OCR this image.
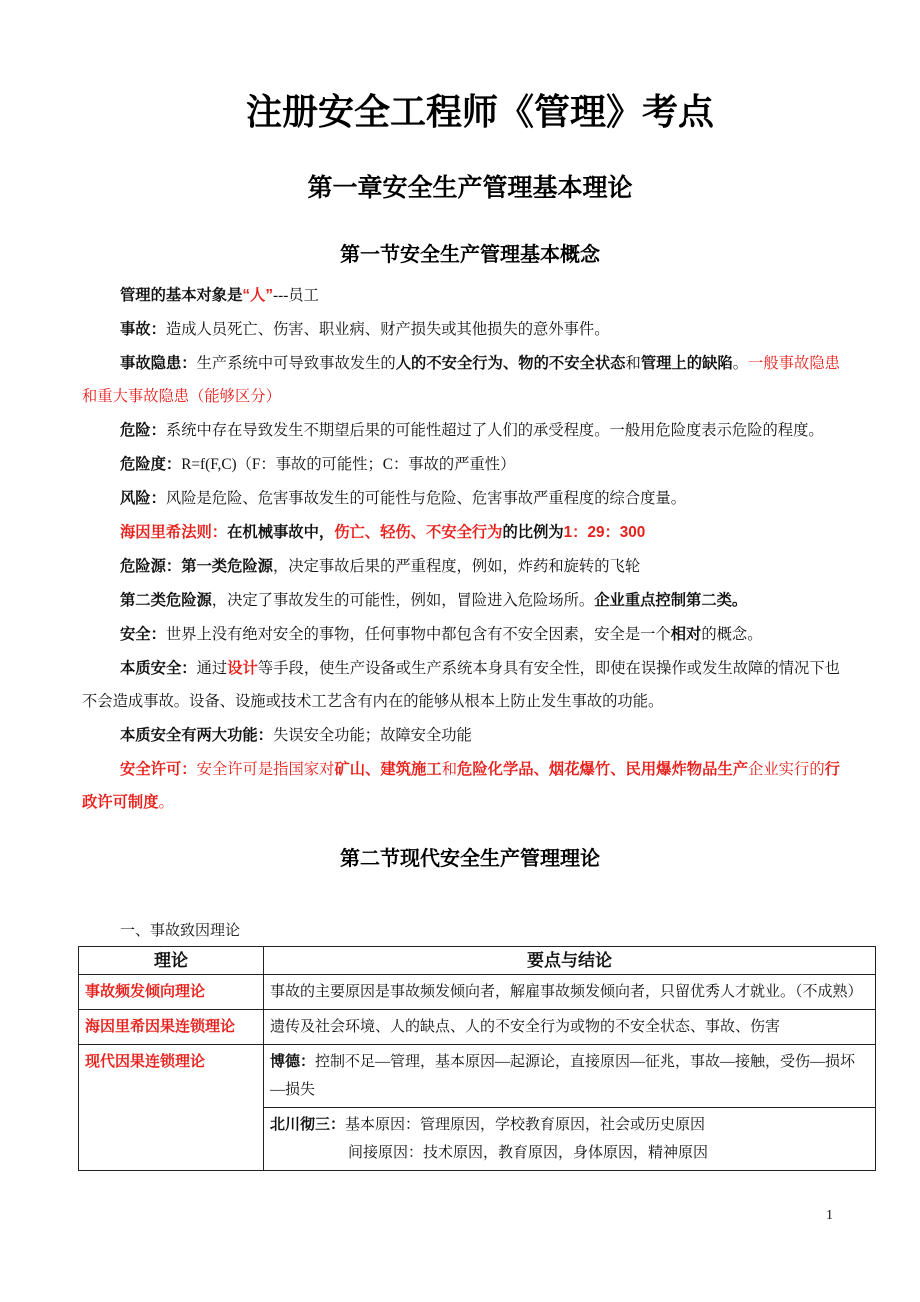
注册安全工程师《管理》考点
第一章安全生产管理基本理论
第一节安全生产管理基本概念

管理的基本对象是“人”---员工

事故：造成人员死亡、伤害、职业病、财产损失或其他损失的意外事件。

事故隐患：生产系统中可导致事故发生的人的不安全行为、物的不安全状态和管理上的缺陷。一般事故隐患和重大事故隐患（能够区分）

危险：系统中存在导致发生不期望后果的可能性超过了人们的承受程度。一般用危险度表示危险的程度。

危险度：R=f(F,C)（F：事故的可能性；C：事故的严重性）

风险：风险是危险、危害事故发生的可能性与危险、危害事故严重程度的综合度量。

海因里希法则：在机械事故中，伤亡、轻伤、不安全行为的比例为1：29：300

危险源：第一类危险源，决定事故后果的严重程度，例如，炸药和旋转的飞轮

第二类危险源，决定了事故发生的可能性，例如，冒险进入危险场所。企业重点控制第二类。

安全：世界上没有绝对安全的事物，任何事物中都包含有不安全因素，安全是一个相对的概念。

本质安全：通过设计等手段，使生产设备或生产系统本身具有安全性，即使在误操作或发生故障的情况下也不会造成事故。设备、设施或技术工艺含有内在的能够从根本上防止发生事故的功能。

本质安全有两大功能：失误安全功能；故障安全功能

安全许可：安全许可是指国家对矿山、建筑施工和危险化学品、烟花爆竹、民用爆炸物品生产企业实行的行政许可制度。

第二节现代安全生产管理理论
一、事故致因理论
理论	要点与结论
事故频发倾向理论	事故的主要原因是事故频发倾向者，解雇事故频发倾向者，只留优秀人才就业。（不成熟）
海因里希因果连锁理论	遗传及社会环境、人的缺点、人的不安全行为或物的不安全状态、事故、伤害
现代因果连锁理论	博德：控制不足—管理，基本原因—起源论，直接原因—征兆，事故—接触，受伤—损坏—损失
	北川彻三：基本原因：管理原因，学校教育原因，社会或历史原因
间接原因：技术原因，教育原因，身体原因，精神原因
1
